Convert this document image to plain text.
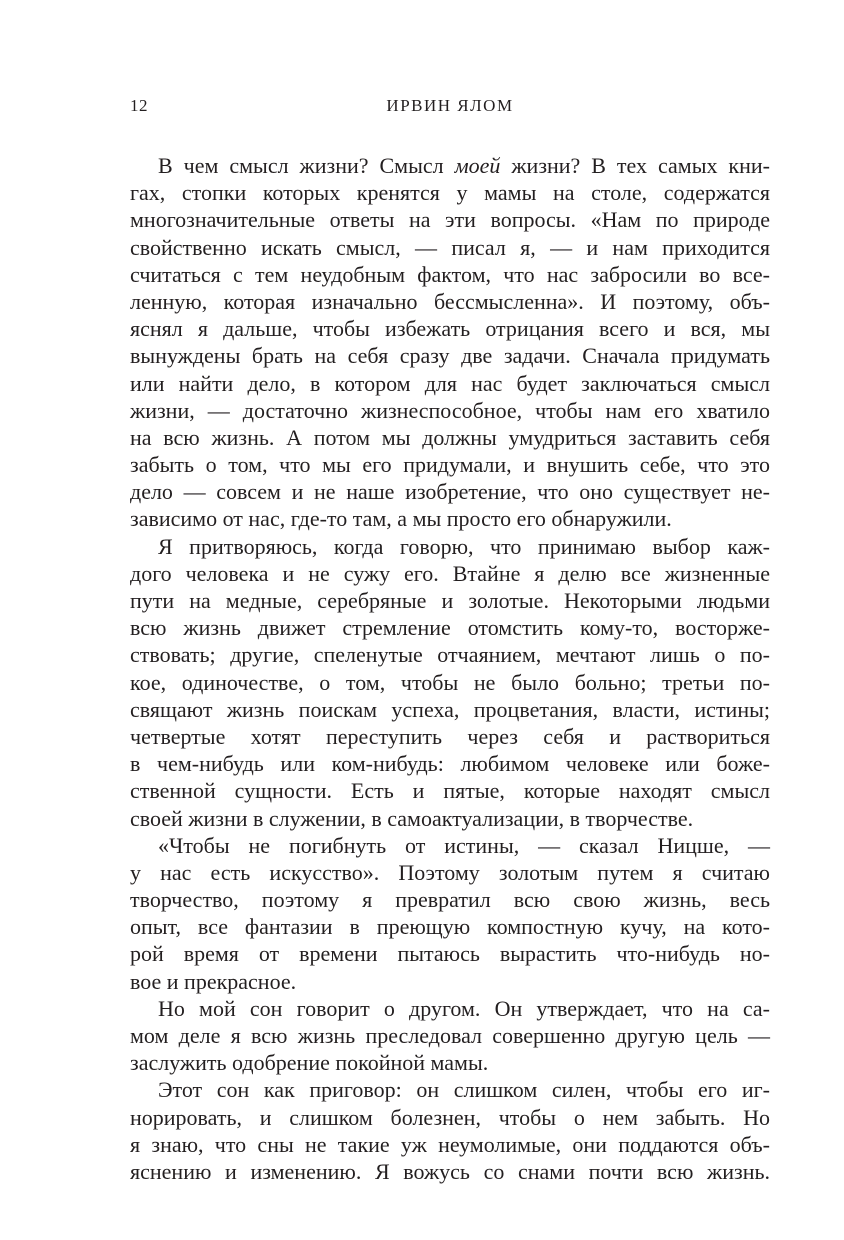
12	ИРВИН ЯЛОМ
В чем смысл жизни? Смысл моей жизни? В тех самых кни-
гах, стопки которых кренятся у мамы на столе, содержатся
многозначительные ответы на эти вопросы. «Нам по природе
свойственно искать смысл, — писал я, — и нам приходится
считаться с тем неудобным фактом, что нас забросили во все-
ленную, которая изначально бессмысленна». И поэтому, объ-
яснял я дальше, чтобы избежать отрицания всего и вся, мы
вынуждены брать на себя сразу две задачи. Сначала придумать
или найти дело, в котором для нас будет заключаться смысл
жизни, — достаточно жизнеспособное, чтобы нам его хватило
на всю жизнь. А потом мы должны умудриться заставить себя
забыть о том, что мы его придумали, и внушить себе, что это
дело — совсем и не наше изобретение, что оно существует не-
зависимо от нас, где-то там, а мы просто его обнаружили.
Я притворяюсь, когда говорю, что принимаю выбор каж-
дого человека и не сужу его. Втайне я делю все жизненные
пути на медные, серебряные и золотые. Некоторыми людьми
всю жизнь движет стремление отомстить кому-то, восторже-
ствовать; другие, спеленутые отчаянием, мечтают лишь о по-
кое, одиночестве, о том, чтобы не было больно; третьи по-
свящают жизнь поискам успеха, процветания, власти, истины;
четвертые хотят переступить через себя и раствориться
в чем-нибудь или ком-нибудь: любимом человеке или боже-
ственной сущности. Есть и пятые, которые находят смысл
своей жизни в служении, в самоактуализации, в творчестве.
«Чтобы не погибнуть от истины, — сказал Ницше, —
у нас есть искусство». Поэтому золотым путем я считаю
творчество, поэтому я превратил всю свою жизнь, весь
опыт, все фантазии в преющую компостную кучу, на кото-
рой время от времени пытаюсь вырастить что-нибудь но-
вое и прекрасное.
Но мой сон говорит о другом. Он утверждает, что на са-
мом деле я всю жизнь преследовал совершенно другую цель —
заслужить одобрение покойной мамы.
Этот сон как приговор: он слишком силен, чтобы его иг-
норировать, и слишком болезнен, чтобы о нем забыть. Но
я знаю, что сны не такие уж неумолимые, они поддаются объ-
яснению и изменению. Я вожусь со снами почти всю жизнь.
